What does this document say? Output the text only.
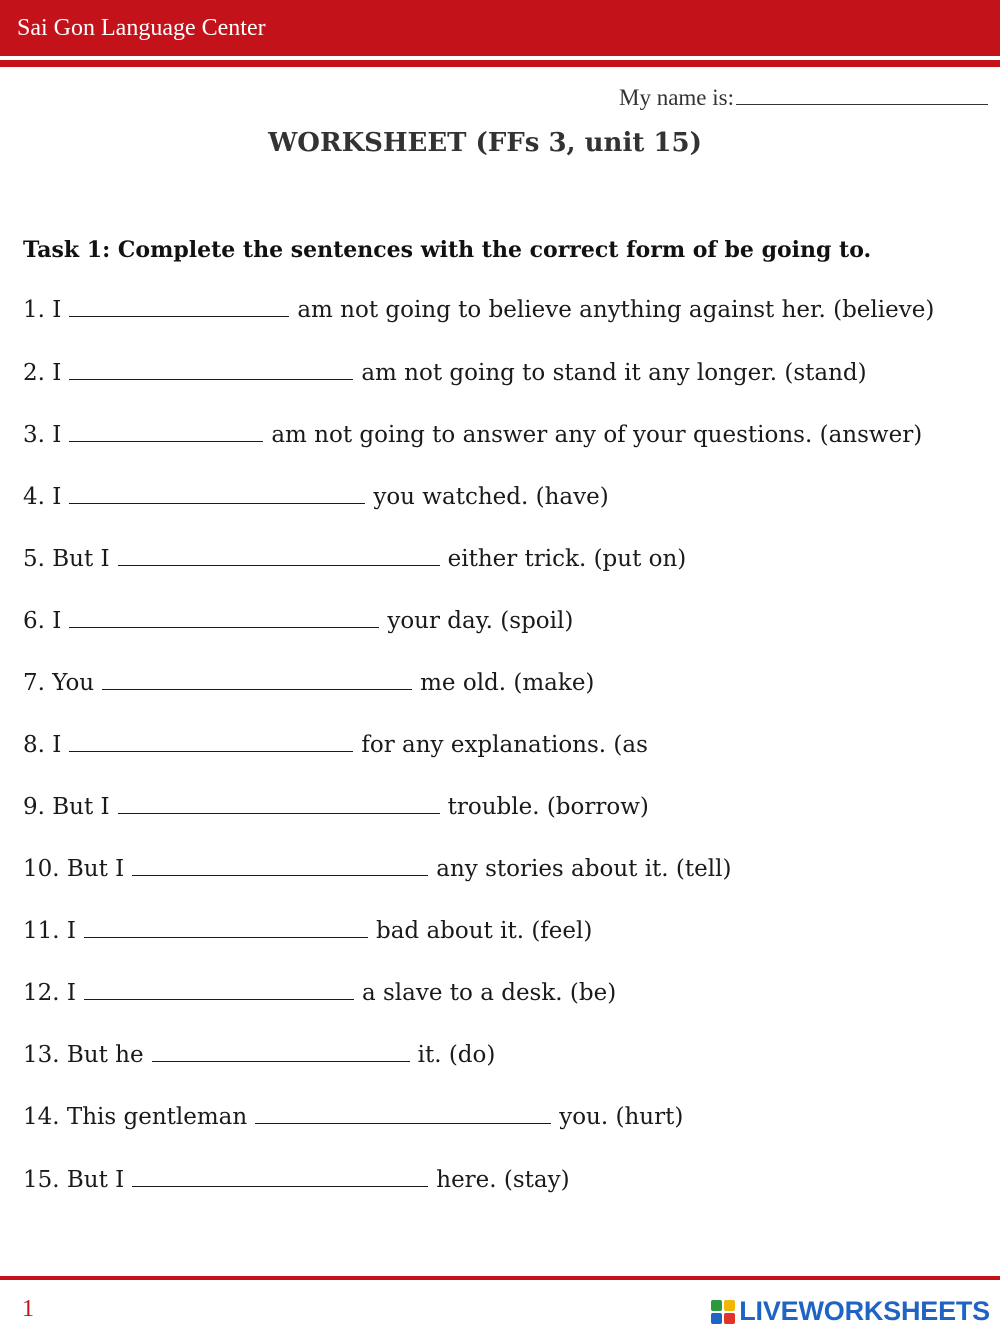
Sai Gon Language Center
My name is:
WORKSHEET (FFs 3, unit 15)
Task 1: Complete the sentences with the correct form of be going to.
1. I	am not going to believe anything against her. (believe)
2. I	am not going to stand it any longer. (stand)
3. I	am not going to answer any of your questions. (answer)
4. I	you watched. (have)
5. But I	either trick. (put on)
6. I	your day. (spoil)
7. You	me old. (make)
8. I	for any explanations. (as
9. But I	trouble. (borrow)
10. But I	any stories about it. (tell)
11. I	bad about it. (feel)
12. I	a slave to a desk. (be)
13. But he	it. (do)
14. This gentleman	you. (hurt)
15. But I	here. (stay)
1	LIVEWORKSHEETS
